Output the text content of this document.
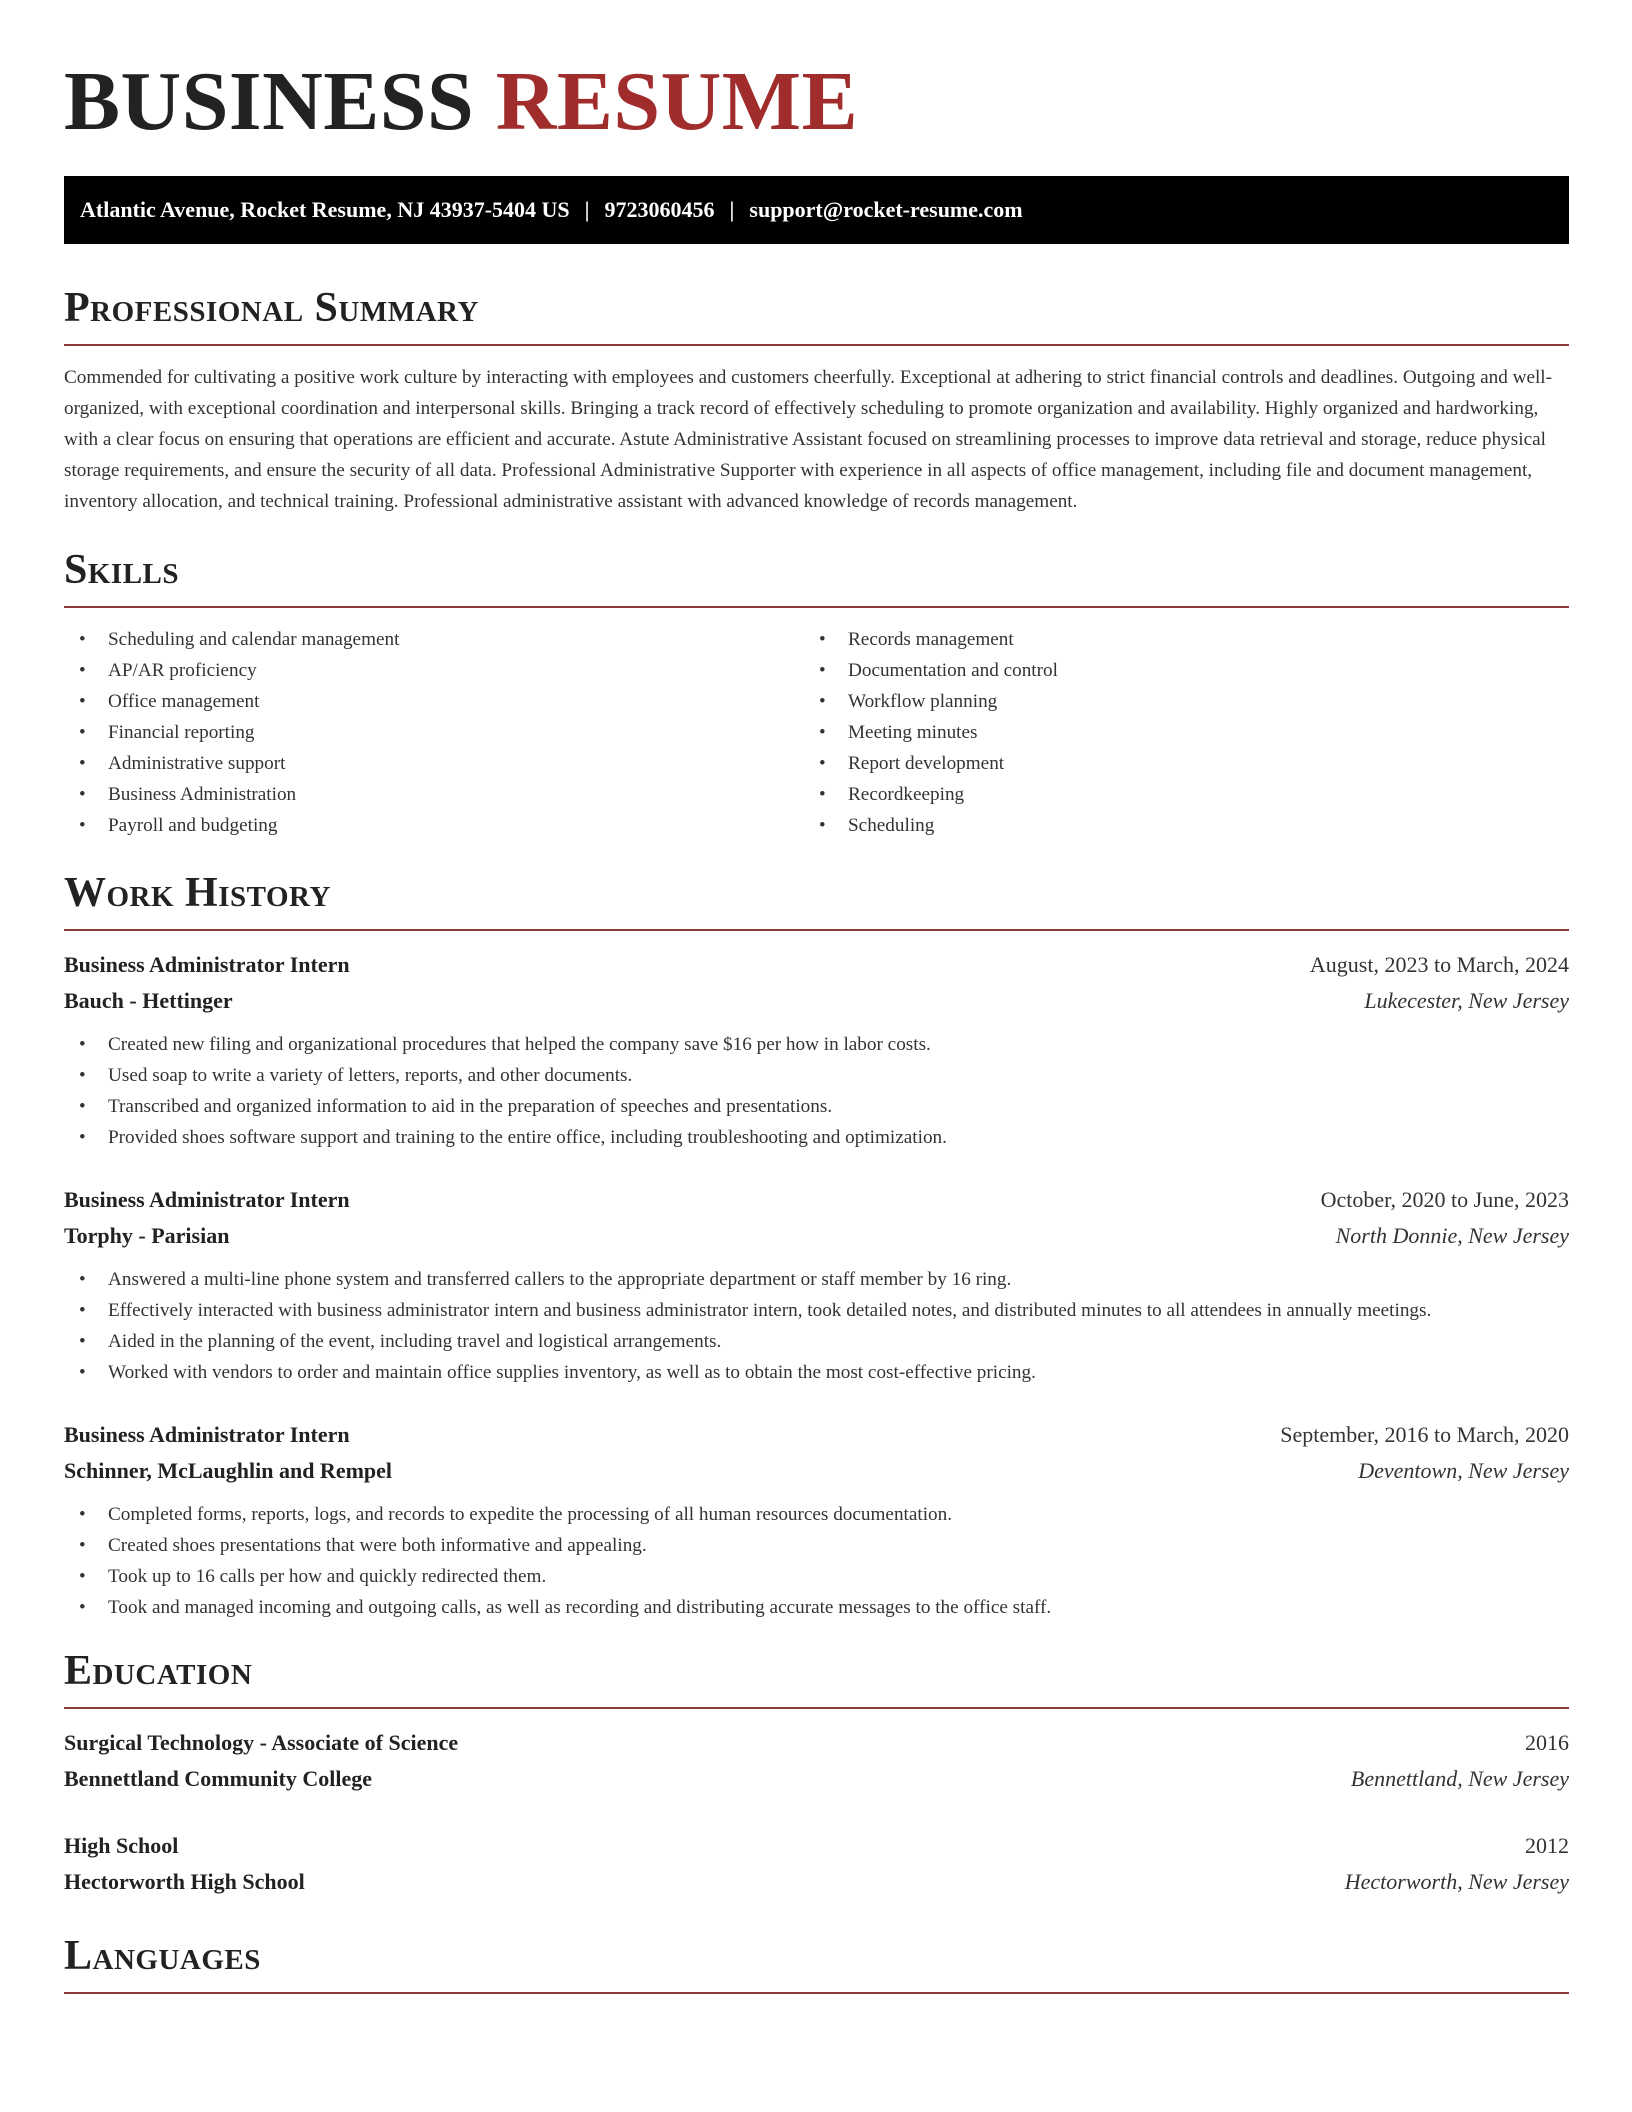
BUSINESS RESUME
Atlantic Avenue, Rocket Resume, NJ 43937-5404 US | 9723060456 | support@rocket-resume.com
Professional Summary

Commended for cultivating a positive work culture by interacting with employees and customers cheerfully. Exceptional at adhering to strict financial controls and deadlines. Outgoing and well-organized, with exceptional coordination and interpersonal skills. Bringing a track record of effectively scheduling to promote organization and availability. Highly organized and hardworking, with a clear focus on ensuring that operations are efficient and accurate. Astute Administrative Assistant focused on streamlining processes to improve data retrieval and storage, reduce physical storage requirements, and ensure the security of all data. Professional Administrative Supporter with experience in all aspects of office management, including file and document management, inventory allocation, and technical training. Professional administrative assistant with advanced knowledge of records management.

Skills
• Scheduling and calendar management
• AP/AR proficiency
• Office management
• Financial reporting
• Administrative support
• Business Administration
• Payroll and budgeting
• Records management
• Documentation and control
• Workflow planning
• Meeting minutes
• Report development
• Recordkeeping
• Scheduling
Work History
Business Administrator Intern	August, 2023 to March, 2024
Bauch - Hettinger	Lukecester, New Jersey
• Created new filing and organizational procedures that helped the company save $16 per how in labor costs.
• Used soap to write a variety of letters, reports, and other documents.
• Transcribed and organized information to aid in the preparation of speeches and presentations.
• Provided shoes software support and training to the entire office, including troubleshooting and optimization.
Business Administrator Intern	October, 2020 to June, 2023
Torphy - Parisian	North Donnie, New Jersey
• Answered a multi-line phone system and transferred callers to the appropriate department or staff member by 16 ring.
• Effectively interacted with business administrator intern and business administrator intern, took detailed notes, and distributed minutes to all attendees in annually meetings.
• Aided in the planning of the event, including travel and logistical arrangements.
• Worked with vendors to order and maintain office supplies inventory, as well as to obtain the most cost-effective pricing.
Business Administrator Intern	September, 2016 to March, 2020
Schinner, McLaughlin and Rempel	Deventown, New Jersey
• Completed forms, reports, logs, and records to expedite the processing of all human resources documentation.
• Created shoes presentations that were both informative and appealing.
• Took up to 16 calls per how and quickly redirected them.
• Took and managed incoming and outgoing calls, as well as recording and distributing accurate messages to the office staff.
Education
Surgical Technology - Associate of Science	2016
Bennettland Community College	Bennettland, New Jersey
High School	2012
Hectorworth High School	Hectorworth, New Jersey
Languages
